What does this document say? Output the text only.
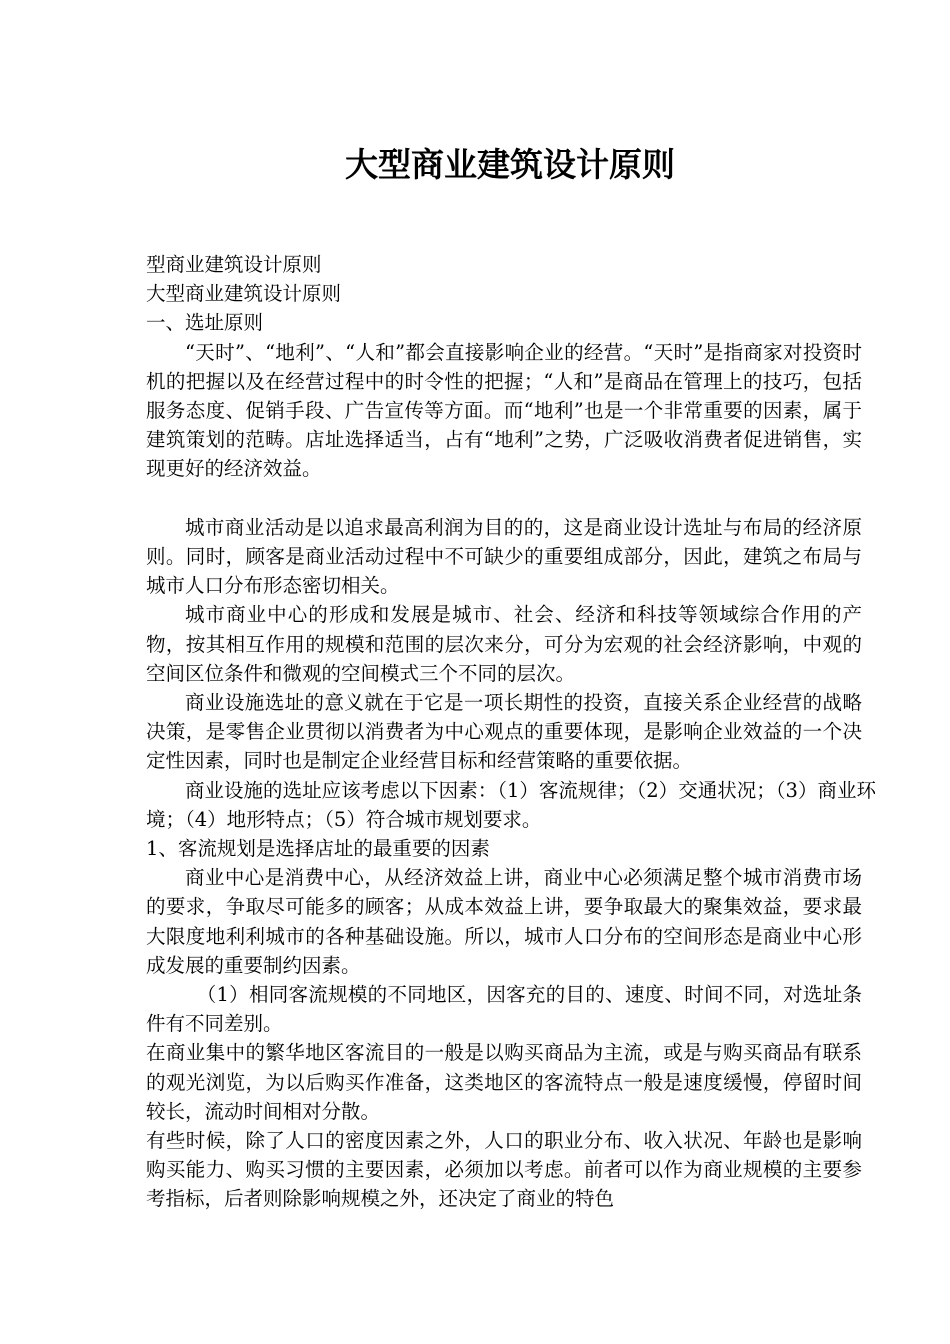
大型商业建筑设计原则

型商业建筑设计原则

大型商业建筑设计原则

一、选址原则

“天时”、“地利”、“人和”都会直接影响企业的经营。“天时”是指商家对投资时机的把握以及在经营过程中的时令性的把握；“人和”是商品在管理上的技巧，包括服务态度、促销手段、广告宣传等方面。而“地利”也是一个非常重要的因素，属于建筑策划的范畴。店址选择适当，占有“地利”之势，广泛吸收消费者促进销售，实现更好的经济效益。

城市商业活动是以追求最高利润为目的的，这是商业设计选址与布局的经济原则。同时，顾客是商业活动过程中不可缺少的重要组成部分，因此，建筑之布局与城市人口分布形态密切相关。

城市商业中心的形成和发展是城市、社会、经济和科技等领域综合作用的产物，按其相互作用的规模和范围的层次来分，可分为宏观的社会经济影响，中观的空间区位条件和微观的空间模式三个不同的层次。

商业设施选址的意义就在于它是一项长期性的投资，直接关系企业经营的战略决策，是零售企业贯彻以消费者为中心观点的重要体现，是影响企业效益的一个决定性因素，同时也是制定企业经营目标和经营策略的重要依据。

商业设施的选址应该考虑以下因素：（1）客流规律；（2）交通状况；（3）商业环境；（4）地形特点；（5）符合城市规划要求。

1、客流规划是选择店址的最重要的因素

商业中心是消费中心，从经济效益上讲，商业中心必须满足整个城市消费市场的要求，争取尽可能多的顾客；从成本效益上讲，要争取最大的聚集效益，要求最大限度地利利城市的各种基础设施。所以，城市人口分布的空间形态是商业中心形成发展的重要制约因素。

（1）相同客流规模的不同地区，因客充的目的、速度、时间不同，对选址条件有不同差别。

在商业集中的繁华地区客流目的一般是以购买商品为主流，或是与购买商品有联系的观光浏览，为以后购买作准备，这类地区的客流特点一般是速度缓慢，停留时间较长，流动时间相对分散。

有些时候，除了人口的密度因素之外，人口的职业分布、收入状况、年龄也是影响购买能力、购买习惯的主要因素，必须加以考虑。前者可以作为商业规模的主要参考指标，后者则除影响规模之外，还决定了商业的特色
